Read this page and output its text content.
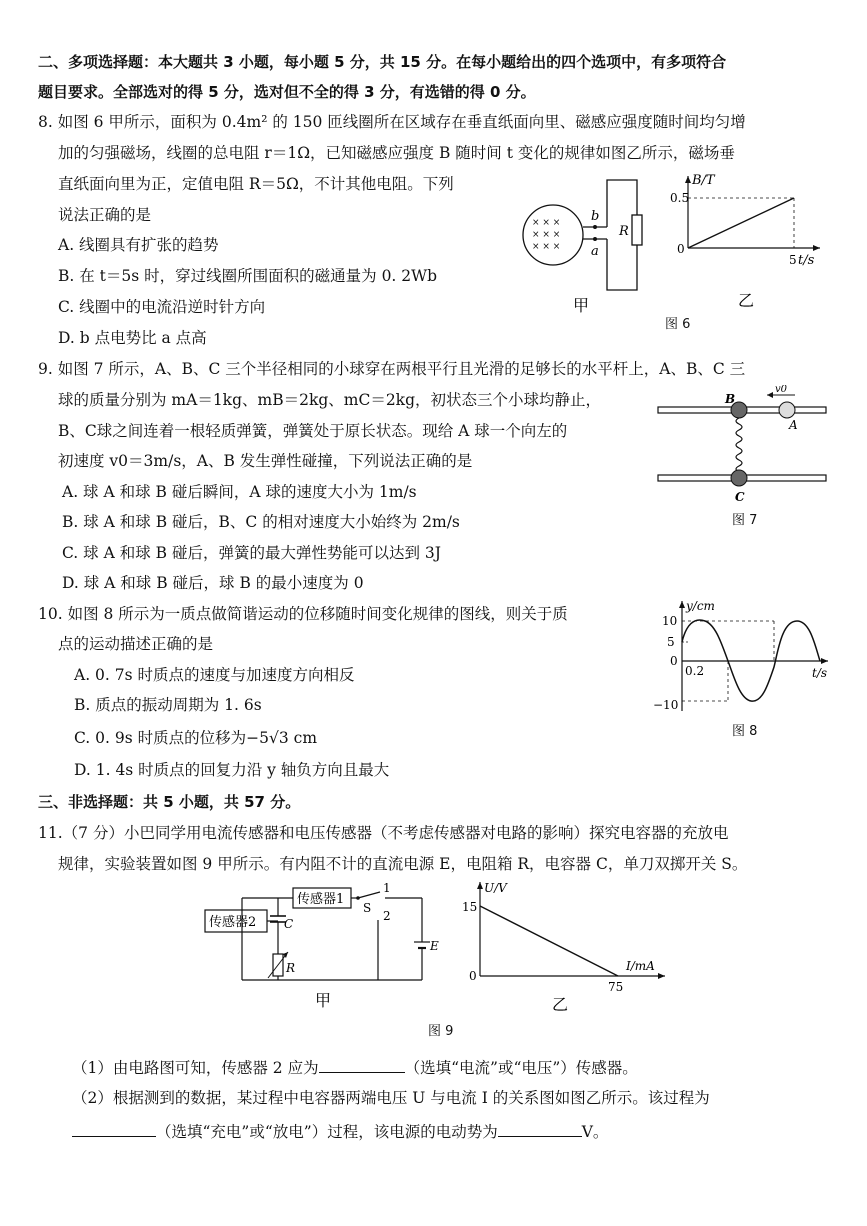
二、多项选择题：本大题共 3 小题，每小题 5 分，共 15 分。在每小题给出的四个选项中，有多项符合
题目要求。全部选对的得 5 分，选对但不全的得 3 分，有选错的得 0 分。
8. 如图 6 甲所示，面积为 0.4m² 的 150 匝线圈所在区域存在垂直纸面向里、磁感应强度随时间均匀增
加的匀强磁场，线圈的总电阻 r＝1Ω，已知磁感应强度 B 随时间 t 变化的规律如图乙所示，磁场垂
直纸面向里为正，定值电阻 R＝5Ω，不计其他电阻。下列
说法正确的是
A. 线圈具有扩张的趋势
B. 在 t＝5s 时，穿过线圈所围面积的磁通量为 0. 2Wb
C. 线圈中的电流沿逆时针方向
D. b 点电势比 a 点高
× × ×
× × ×
× × ×
b
a
R
甲
B/T
t/s
0.5
0
5
乙
图 6
9. 如图 7 所示，A、B、C 三个半径相同的小球穿在两根平行且光滑的足够长的水平杆上，A、B、C 三
球的质量分别为 mA＝1kg、mB＝2kg、mC＝2kg，初状态三个小球均静止，
B、C球之间连着一根轻质弹簧，弹簧处于原长状态。现给 A 球一个向左的
初速度 v0＝3m/s，A、B 发生弹性碰撞，下列说法正确的是
A. 球 A 和球 B 碰后瞬间，A 球的速度大小为 1m/s
B. 球 A 和球 B 碰后，B、C 的相对速度大小始终为 2m/s
C. 球 A 和球 B 碰后，弹簧的最大弹性势能可以达到 3J
D. 球 A 和球 B 碰后，球 B 的最小速度为 0
v0
B
A
C
图 7
10. 如图 8 所示为一质点做简谐运动的位移随时间变化规律的图线，则关于质
点的运动描述正确的是
A. 0. 7s 时质点的速度与加速度方向相反
B. 质点的振动周期为 1. 6s
C. 0. 9s 时质点的位移为−5√3 cm
D. 1. 4s 时质点的回复力沿 y 轴负方向且最大
y/cm
t/s
10
5
0
−10
0.2
图 8
三、非选择题：共 5 小题，共 57 分。
11.（7 分）小巴同学用电流传感器和电压传感器（不考虑传感器对电路的影响）探究电容器的充放电
规律，实验装置如图 9 甲所示。有内阻不计的直流电源 E，电阻箱 R，电容器 C，单刀双掷开关 S。
传感器1
传感器2 C
R
S
1
2
E
甲
U/V
I/mA
15
0
75
乙
图 9
（1）由电路图可知，传感器 2 应为	（选填“电流”或“电压”）传感器。
（2）根据测到的数据，某过程中电容器两端电压 U 与电流 I 的关系图如图乙所示。该过程为
（选填“充电”或“放电”）过程，该电源的电动势为	V。
